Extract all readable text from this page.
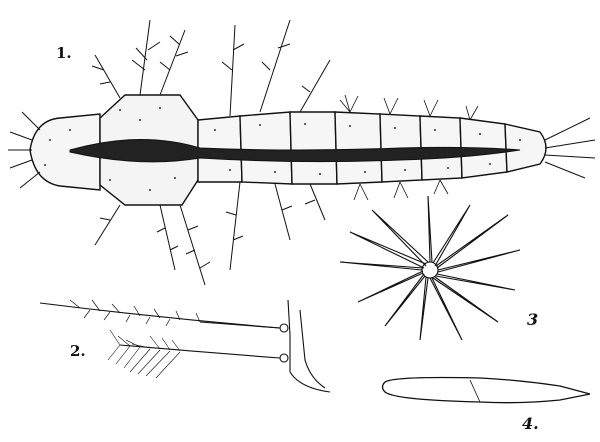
1.
2.
3
4.
